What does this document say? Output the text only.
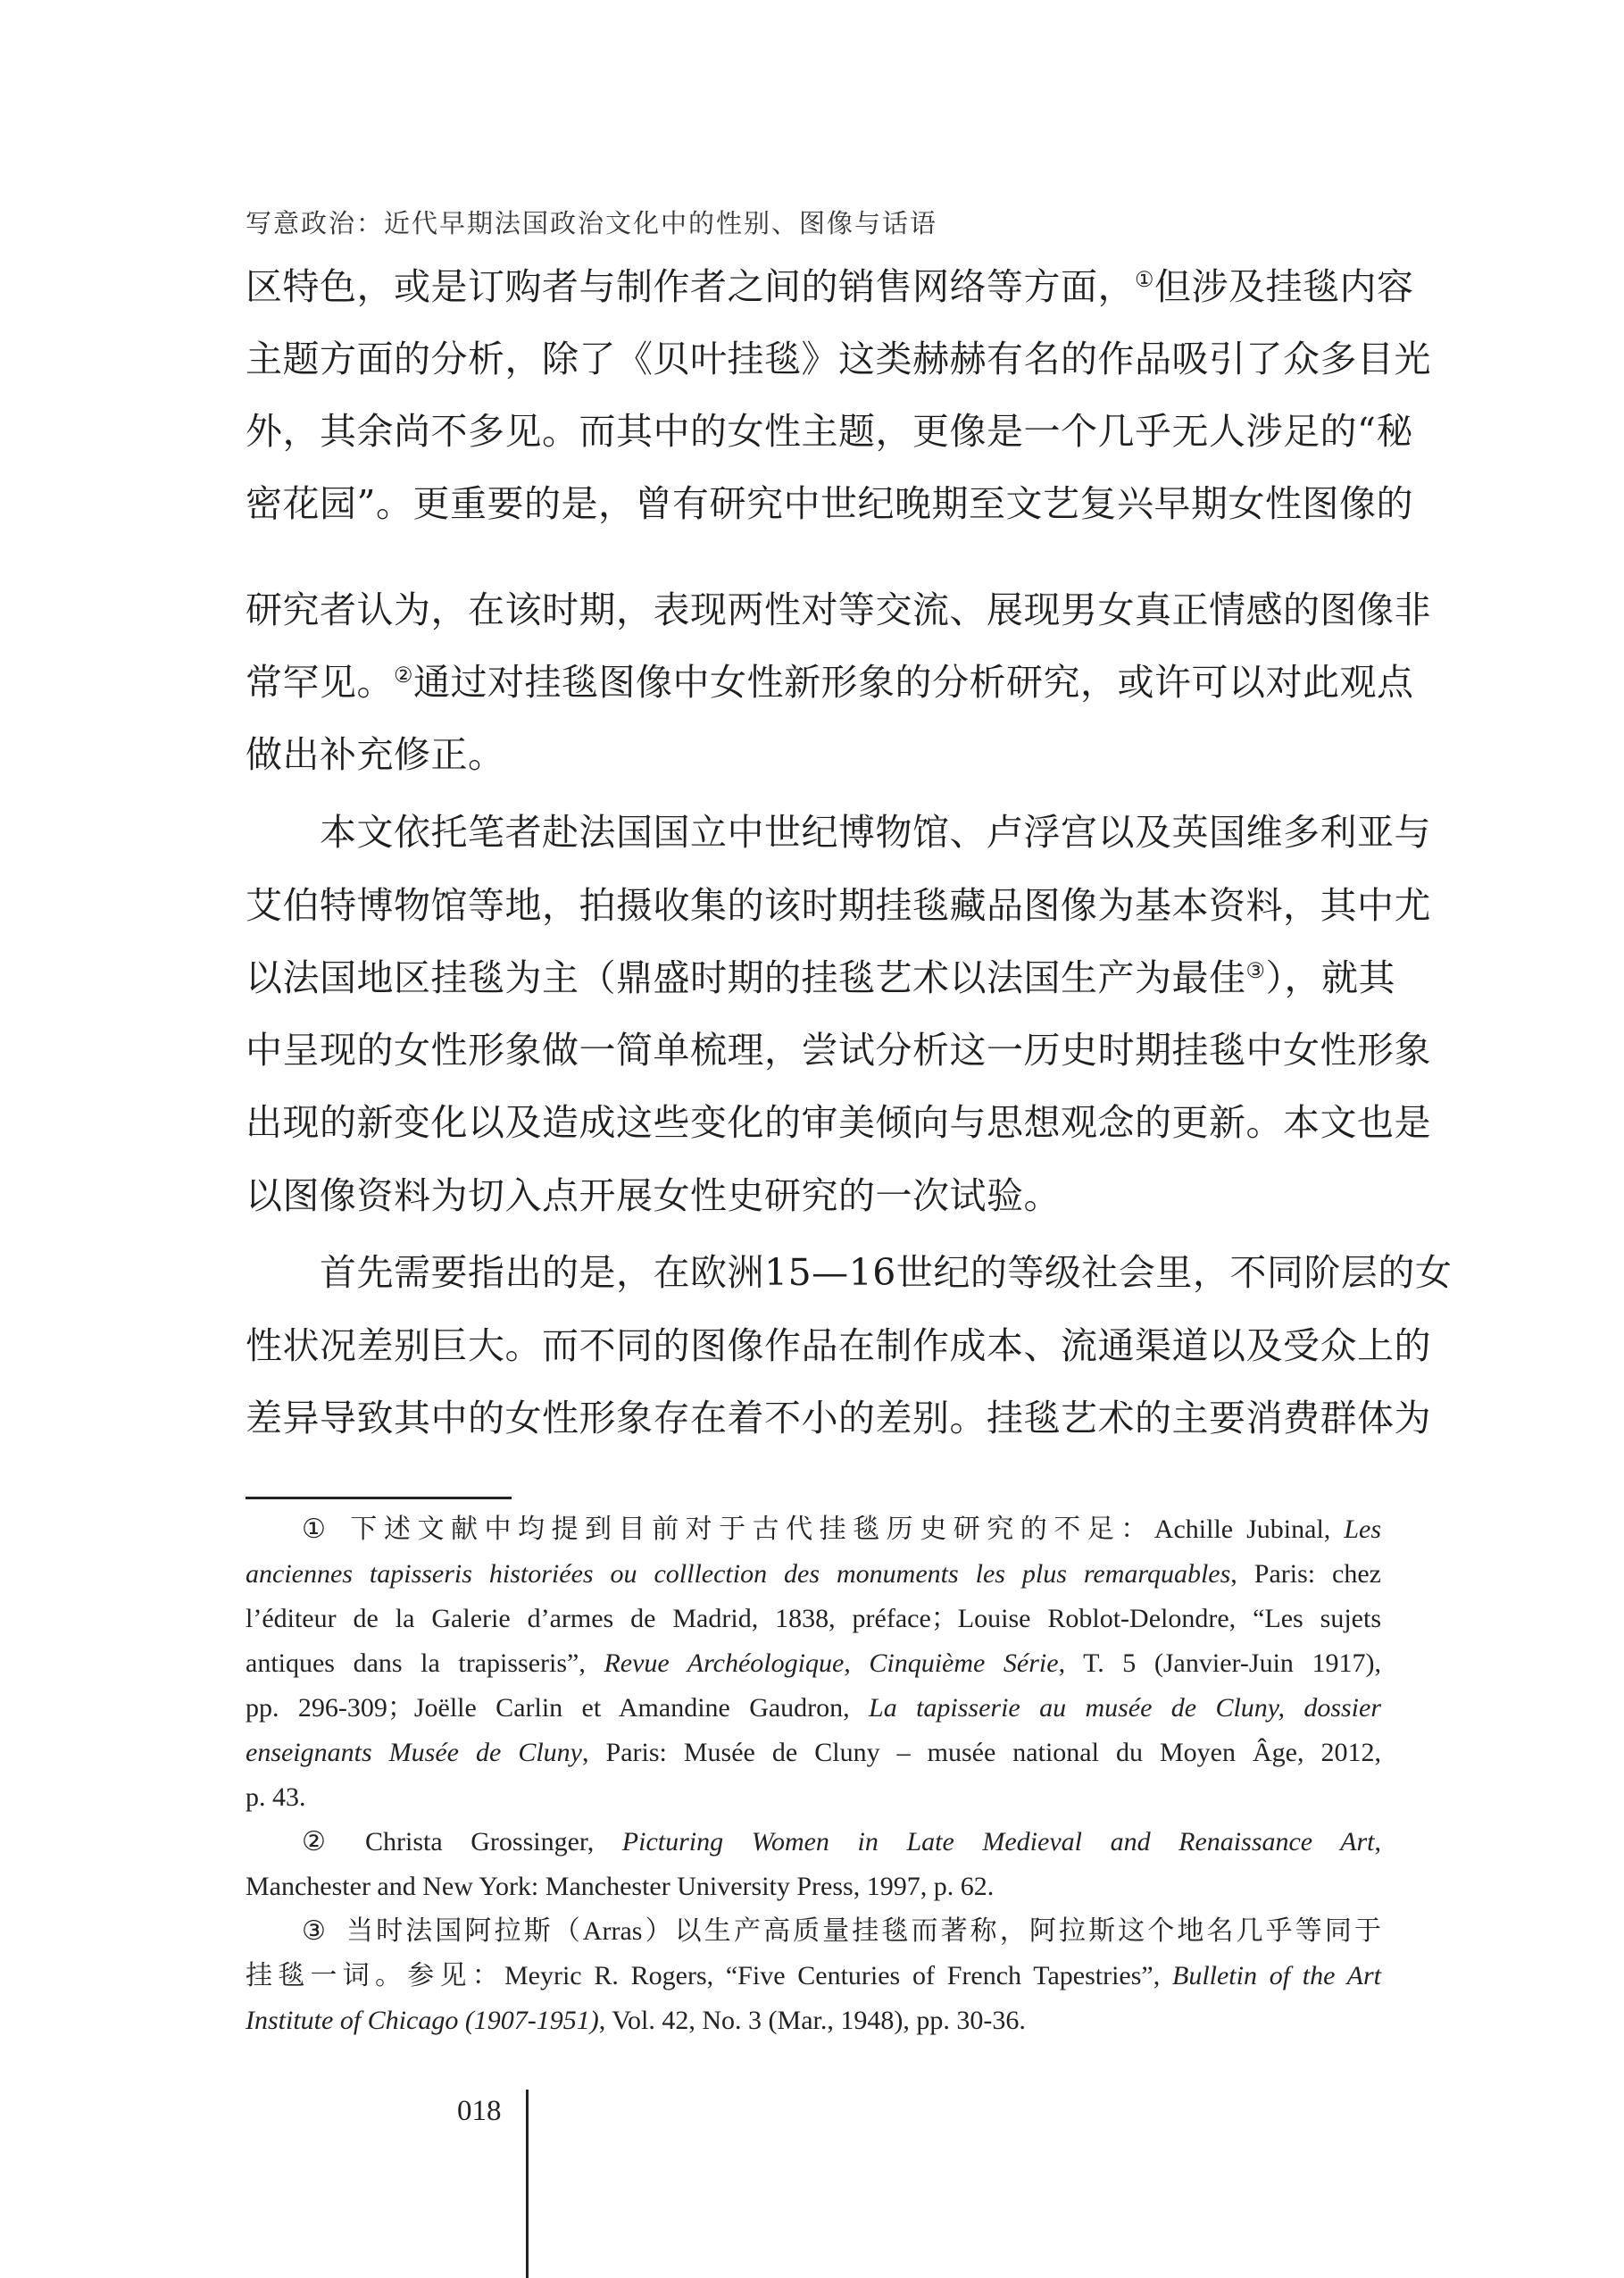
写意政治：近代早期法国政治文化中的性别、图像与话语
区特色，或是订购者与制作者之间的销售网络等方面，①但涉及挂毯内容
主题方面的分析，除了《贝叶挂毯》这类赫赫有名的作品吸引了众多目光
外，其余尚不多见。而其中的女性主题，更像是一个几乎无人涉足的“秘
密花园”。更重要的是，曾有研究中世纪晚期至文艺复兴早期女性图像的
研究者认为，在该时期，表现两性对等交流、展现男女真正情感的图像非
常罕见。②通过对挂毯图像中女性新形象的分析研究，或许可以对此观点
做出补充修正。
本文依托笔者赴法国国立中世纪博物馆、卢浮宫以及英国维多利亚与
艾伯特博物馆等地，拍摄收集的该时期挂毯藏品图像为基本资料，其中尤
以法国地区挂毯为主（鼎盛时期的挂毯艺术以法国生产为最佳③），就其
中呈现的女性形象做一简单梳理，尝试分析这一历史时期挂毯中女性形象
出现的新变化以及造成这些变化的审美倾向与思想观念的更新。本文也是
以图像资料为切入点开展女性史研究的一次试验。
首先需要指出的是，在欧洲15—16世纪的等级社会里，不同阶层的女
性状况差别巨大。而不同的图像作品在制作成本、流通渠道以及受众上的
差异导致其中的女性形象存在着不小的差别。挂毯艺术的主要消费群体为
① 下述文献中均提到目前对于古代挂毯历史研究的不足：Achille Jubinal, Les
anciennes tapisseris historiées ou colllection des monuments les plus remarquables, Paris: chez
l’éditeur de la Galerie d’armes de Madrid, 1838, préface；Louise Roblot-Delondre, “Les sujets
antiques dans la trapisseris”, Revue Archéologique, Cinquième Série, T. 5 (Janvier-Juin 1917),
pp. 296-309；Joëlle Carlin et Amandine Gaudron, La tapisserie au musée de Cluny, dossier
enseignants Musée de Cluny, Paris: Musée de Cluny – musée national du Moyen Âge, 2012,
p. 43.
② Christa Grossinger, Picturing Women in Late Medieval and Renaissance Art,
Manchester and New York: Manchester University Press, 1997, p. 62.
③ 当时法国阿拉斯（Arras）以生产高质量挂毯而著称，阿拉斯这个地名几乎等同于
挂毯一词。参见：Meyric R. Rogers, “Five Centuries of French Tapestries”, Bulletin of the Art
Institute of Chicago (1907-1951), Vol. 42, No. 3 (Mar., 1948), pp. 30-36.
018
